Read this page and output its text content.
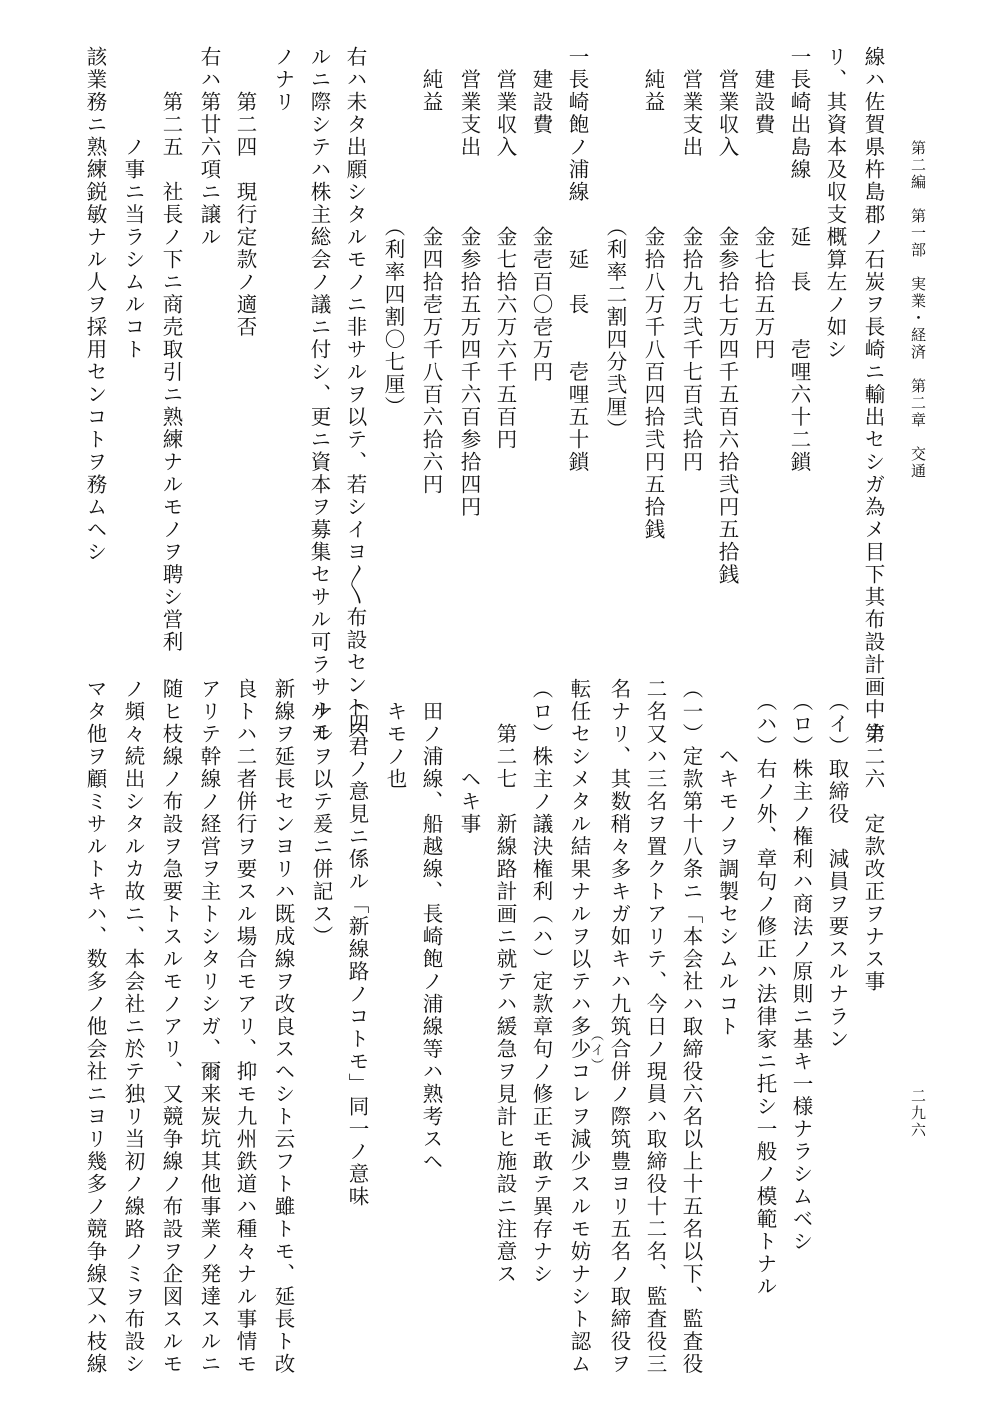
第二編　第一部　実業・経済　第二章　交通
二九六
線ハ佐賀県杵島郡ノ石炭ヲ長崎ニ輸出セシガ為メ目下其布設計画中ナ
リ、其資本及収支概算左ノ如シ
一長崎出島線　　延　長　　壱哩六十二鎖
　建設費　　　　金七拾五万円
　営業収入　　　金参拾七万四千五百六拾弐円五拾銭
　営業支出　　　金拾九万弐千七百弐拾円
　純益　　　　　金拾八万千八百四拾弐円五拾銭
　　　　　　　　（利率二割四分弐厘）
一長崎飽ノ浦線　　延　長　　壱哩五十鎖
　建設費　　　　金壱百〇壱万円
　営業収入　　　金七拾六万六千五百円
　営業支出　　　金参拾五万四千六百参拾四円
　純益　　　　　金四拾壱万千八百六拾六円
　　　　　　　　（利率四割〇七厘）
右ハ未タ出願シタルモノニ非サルヲ以テ、若シイヨ〳〵布設セントス
ルニ際シテハ株主総会ノ議ニ付シ、更ニ資本ヲ募集セサル可ラサルモ
ノナリ
　　第二四　現行定款ノ適否
右ハ第廿六項ニ譲ル
　　第二五　社長ノ下ニ商売取引ニ熟練ナルモノヲ聘シ営利
　　　　ノ事ニ当ラシムルコト
該業務ニ熟練鋭敏ナル人ヲ採用センコトヲ務ムヘシ
　　第二六　定款改正ヲナス事
　（イ）取締役　減員ヲ要スルナラン
　（ロ）株主ノ権利ハ商法ノ原則ニ基キ一様ナラシムベシ
　（ハ）右ノ外、章句ノ修正ハ法律家ニ托シ一般ノ模範トナル
　　　ヘキモノヲ調製セシムルコト
（一）定款第十八条ニ「本会社ハ取締役六名以上十五名以下、監査役
二名又ハ三名ヲ置クトアリテ、今日ノ現員ハ取締役十二名、監査役三
名ナリ、其数稍々多キガ如キハ九筑合併ノ際筑豊ヨリ五名ノ取締役ヲ
（イ）
転任セシメタル結果ナルヲ以テハ多少コレヲ減少スルモ妨ナシト認ム
（ロ）株主ノ議決権利（ハ）定款章句ノ修正モ敢テ異存ナシ
　　第二七　新線路計画ニ就テハ緩急ヲ見計ヒ施設ニ注意ス
　　　　ヘキ事
　田ノ浦線、船越線、長崎飽ノ浦線等ハ熟考スヘ
　キモノ也
　（四君ノ意見ニ係ル「新線路ノコトモ」同一ノ意味
　ナルヲ以テ爰ニ併記ス）
新線ヲ延長センヨリハ既成線ヲ改良スヘシト云フト雖トモ、延長ト改
良トハ二者併行ヲ要スル場合モアリ、抑モ九州鉄道ハ種々ナル事情モ
アリテ幹線ノ経営ヲ主トシタリシガ、爾来炭坑其他事業ノ発達スルニ
随ヒ枝線ノ布設ヲ急要トスルモノアリ、又競争線ノ布設ヲ企図スルモ
ノ頻々続出シタルカ故ニ、本会社ニ於テ独リ当初ノ線路ノミヲ布設シ
マタ他ヲ顧ミサルトキハ、数多ノ他会社ニヨリ幾多ノ競争線又ハ枝線
